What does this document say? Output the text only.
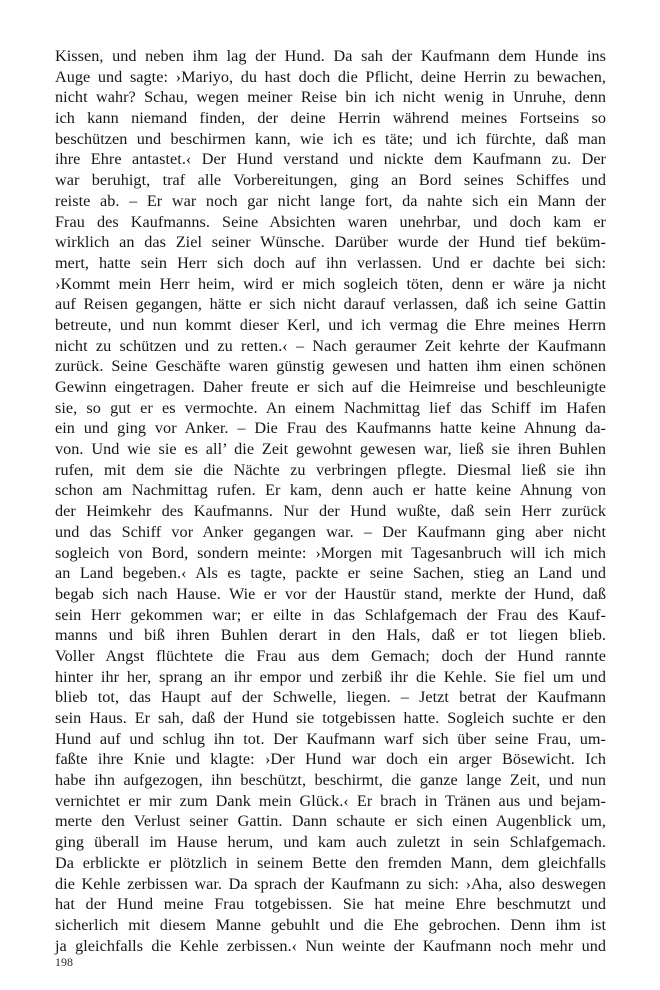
Kissen, und neben ihm lag der Hund. Da sah der Kaufmann dem Hunde ins
Auge und sagte: ›Mariyo, du hast doch die Pflicht, deine Herrin zu bewachen,
nicht wahr? Schau, wegen meiner Reise bin ich nicht wenig in Unruhe, denn
ich kann niemand finden, der deine Herrin während meines Fortseins so
beschützen und beschirmen kann, wie ich es täte; und ich fürchte, daß man
ihre Ehre antastet.‹ Der Hund verstand und nickte dem Kaufmann zu. Der
war beruhigt, traf alle Vorbereitungen, ging an Bord seines Schiffes und
reiste ab. – Er war noch gar nicht lange fort, da nahte sich ein Mann der
Frau des Kaufmanns. Seine Absichten waren unehrbar, und doch kam er
wirklich an das Ziel seiner Wünsche. Darüber wurde der Hund tief beküm-
mert, hatte sein Herr sich doch auf ihn verlassen. Und er dachte bei sich:
›Kommt mein Herr heim, wird er mich sogleich töten, denn er wäre ja nicht
auf Reisen gegangen, hätte er sich nicht darauf verlassen, daß ich seine Gattin
betreute, und nun kommt dieser Kerl, und ich vermag die Ehre meines Herrn
nicht zu schützen und zu retten.‹ – Nach geraumer Zeit kehrte der Kaufmann
zurück. Seine Geschäfte waren günstig gewesen und hatten ihm einen schönen
Gewinn eingetragen. Daher freute er sich auf die Heimreise und beschleunigte
sie, so gut er es vermochte. An einem Nachmittag lief das Schiff im Hafen
ein und ging vor Anker. – Die Frau des Kaufmanns hatte keine Ahnung da-
von. Und wie sie es all’ die Zeit gewohnt gewesen war, ließ sie ihren Buhlen
rufen, mit dem sie die Nächte zu verbringen pflegte. Diesmal ließ sie ihn
schon am Nachmittag rufen. Er kam, denn auch er hatte keine Ahnung von
der Heimkehr des Kaufmanns. Nur der Hund wußte, daß sein Herr zurück
und das Schiff vor Anker gegangen war. – Der Kaufmann ging aber nicht
sogleich von Bord, sondern meinte: ›Morgen mit Tagesanbruch will ich mich
an Land begeben.‹ Als es tagte, packte er seine Sachen, stieg an Land und
begab sich nach Hause. Wie er vor der Haustür stand, merkte der Hund, daß
sein Herr gekommen war; er eilte in das Schlafgemach der Frau des Kauf-
manns und biß ihren Buhlen derart in den Hals, daß er tot liegen blieb.
Voller Angst flüchtete die Frau aus dem Gemach; doch der Hund rannte
hinter ihr her, sprang an ihr empor und zerbiß ihr die Kehle. Sie fiel um und
blieb tot, das Haupt auf der Schwelle, liegen. – Jetzt betrat der Kaufmann
sein Haus. Er sah, daß der Hund sie totgebissen hatte. Sogleich suchte er den
Hund auf und schlug ihn tot. Der Kaufmann warf sich über seine Frau, um-
faßte ihre Knie und klagte: ›Der Hund war doch ein arger Bösewicht. Ich
habe ihn aufgezogen, ihn beschützt, beschirmt, die ganze lange Zeit, und nun
vernichtet er mir zum Dank mein Glück.‹ Er brach in Tränen aus und bejam-
merte den Verlust seiner Gattin. Dann schaute er sich einen Augenblick um,
ging überall im Hause herum, und kam auch zuletzt in sein Schlafgemach.
Da erblickte er plötzlich in seinem Bette den fremden Mann, dem gleichfalls
die Kehle zerbissen war. Da sprach der Kaufmann zu sich: ›Aha, also deswegen
hat der Hund meine Frau totgebissen. Sie hat meine Ehre beschmutzt und
sicherlich mit diesem Manne gebuhlt und die Ehe gebrochen. Denn ihm ist
ja gleichfalls die Kehle zerbissen.‹ Nun weinte der Kaufmann noch mehr und
198
